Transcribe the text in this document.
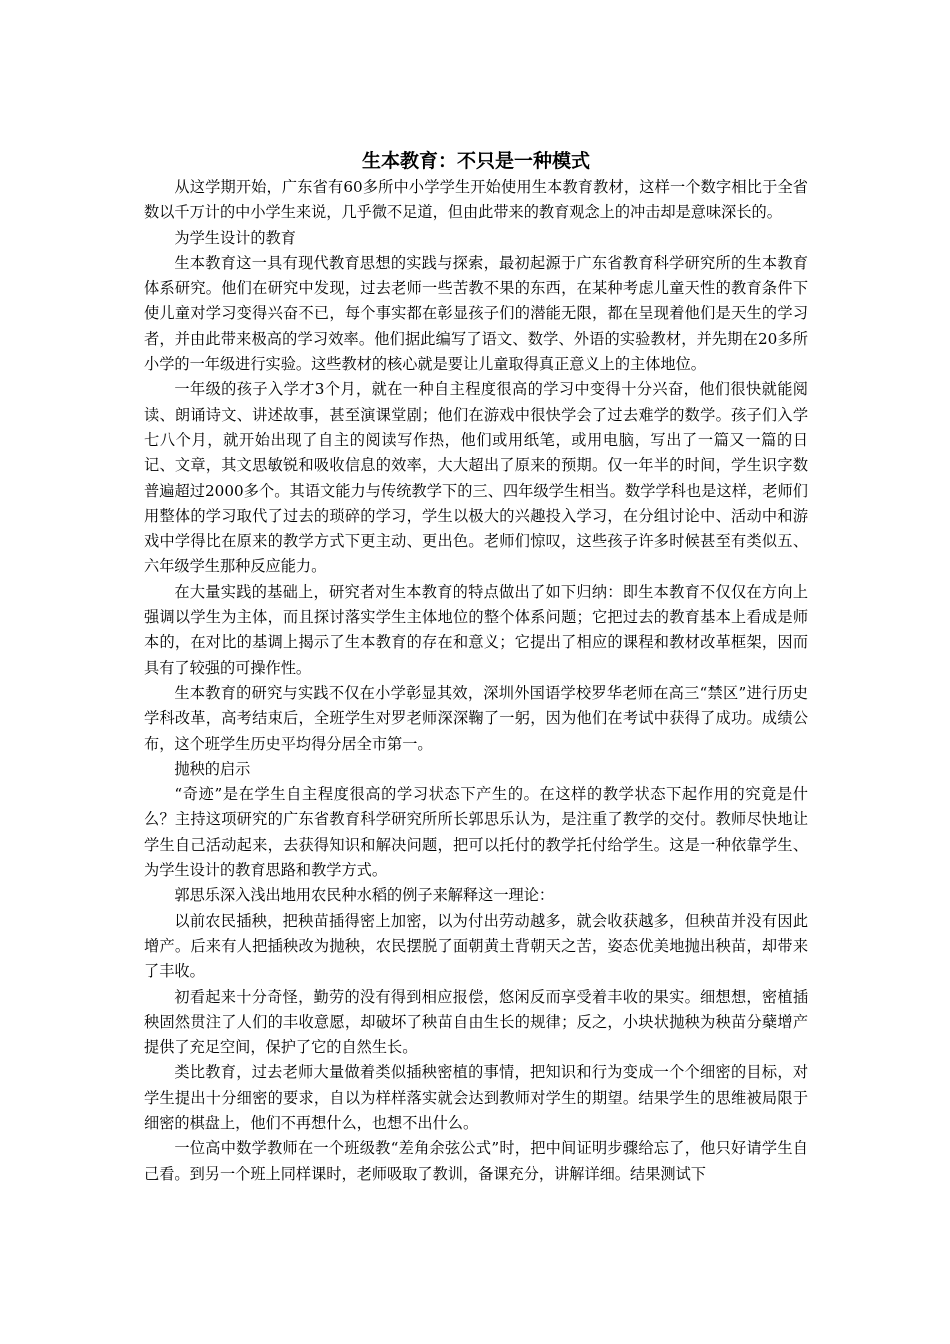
生本教育：不只是一种模式

从这学期开始，广东省有60多所中小学学生开始使用生本教育教材，这样一个数字相比于全省数以千万计的中小学生来说，几乎微不足道，但由此带来的教育观念上的冲击却是意味深长的。

为学生设计的教育

生本教育这一具有现代教育思想的实践与探索，最初起源于广东省教育科学研究所的生本教育体系研究。他们在研究中发现，过去老师一些苦教不果的东西，在某种考虑儿童天性的教育条件下使儿童对学习变得兴奋不已，每个事实都在彰显孩子们的潜能无限，都在呈现着他们是天生的学习者，并由此带来极高的学习效率。他们据此编写了语文、数学、外语的实验教材，并先期在20多所小学的一年级进行实验。这些教材的核心就是要让儿童取得真正意义上的主体地位。

一年级的孩子入学才3个月，就在一种自主程度很高的学习中变得十分兴奋，他们很快就能阅读、朗诵诗文、讲述故事，甚至演课堂剧；他们在游戏中很快学会了过去难学的数学。孩子们入学七八个月，就开始出现了自主的阅读写作热，他们或用纸笔，或用电脑，写出了一篇又一篇的日记、文章，其文思敏锐和吸收信息的效率，大大超出了原来的预期。仅一年半的时间，学生识字数普遍超过2000多个。其语文能力与传统教学下的三、四年级学生相当。数学学科也是这样，老师们用整体的学习取代了过去的琐碎的学习，学生以极大的兴趣投入学习，在分组讨论中、活动中和游戏中学得比在原来的教学方式下更主动、更出色。老师们惊叹，这些孩子许多时候甚至有类似五、六年级学生那种反应能力。

在大量实践的基础上，研究者对生本教育的特点做出了如下归纳：即生本教育不仅仅在方向上强调以学生为主体，而且探讨落实学生主体地位的整个体系问题；它把过去的教育基本上看成是师本的，在对比的基调上揭示了生本教育的存在和意义；它提出了相应的课程和教材改革框架，因而具有了较强的可操作性。

生本教育的研究与实践不仅在小学彰显其效，深圳外国语学校罗华老师在高三“禁区”进行历史学科改革，高考结束后，全班学生对罗老师深深鞠了一躬，因为他们在考试中获得了成功。成绩公布，这个班学生历史平均得分居全市第一。

抛秧的启示

“奇迹”是在学生自主程度很高的学习状态下产生的。在这样的教学状态下起作用的究竟是什么？主持这项研究的广东省教育科学研究所所长郭思乐认为，是注重了教学的交付。教师尽快地让学生自己活动起来，去获得知识和解决问题，把可以托付的教学托付给学生。这是一种依靠学生、为学生设计的教育思路和教学方式。

郭思乐深入浅出地用农民种水稻的例子来解释这一理论：

以前农民插秧，把秧苗插得密上加密，以为付出劳动越多，就会收获越多，但秧苗并没有因此增产。后来有人把插秧改为抛秧，农民摆脱了面朝黄土背朝天之苦，姿态优美地抛出秧苗，却带来了丰收。

初看起来十分奇怪，勤劳的没有得到相应报偿，悠闲反而享受着丰收的果实。细想想，密植插秧固然贯注了人们的丰收意愿，却破坏了秧苗自由生长的规律；反之，小块状抛秧为秧苗分蘖增产提供了充足空间，保护了它的自然生长。

类比教育，过去老师大量做着类似插秧密植的事情，把知识和行为变成一个个细密的目标，对学生提出十分细密的要求，自以为样样落实就会达到教师对学生的期望。结果学生的思维被局限于细密的棋盘上，他们不再想什么，也想不出什么。

一位高中数学教师在一个班级教“差角余弦公式”时，把中间证明步骤给忘了，他只好请学生自己看。到另一个班上同样课时，老师吸取了教训，备课充分，讲解详细。结果测试下
